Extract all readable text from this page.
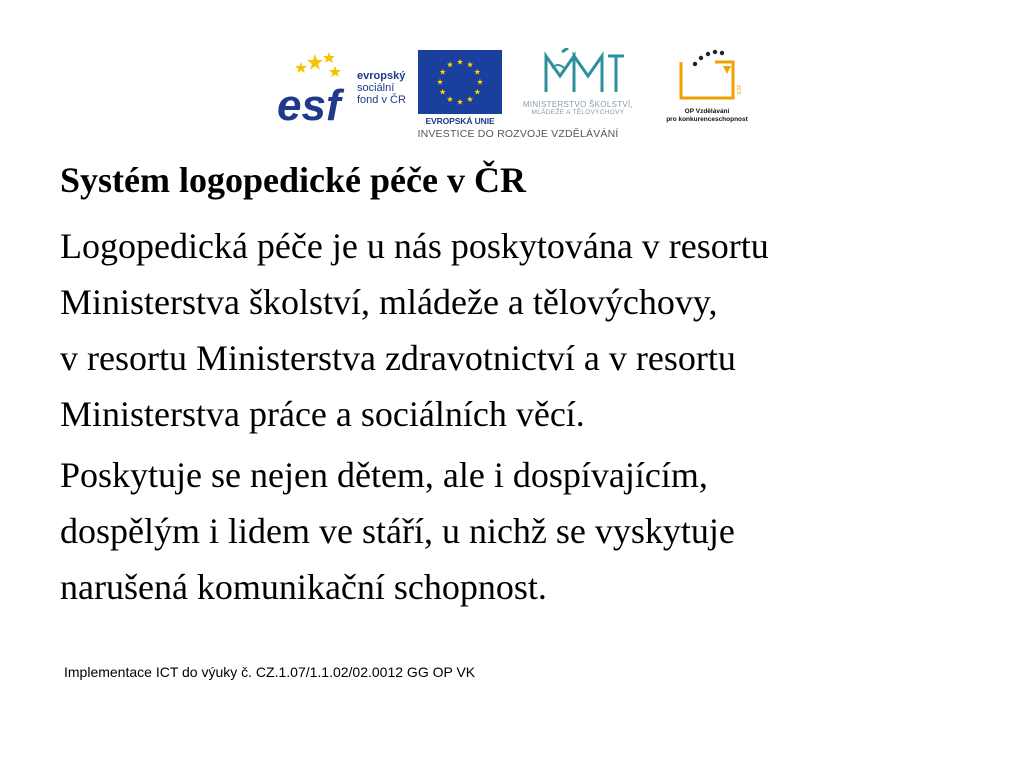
esf
evropský
sociální
fond v ČR
EVROPSKÁ UNIE
MINISTERSTVO ŠKOLSTVÍ,
MLÁDEŽE A TĚLOVÝCHOVY
ESF
OP Vzdělávání
pro konkurenceschopnost
INVESTICE DO ROZVOJE VZDĚLÁVÁNÍ
Systém logopedické péče v ČR

Logopedická péče je u nás poskytována v resortu
Ministerstva školství, mládeže a tělovýchovy,
v resortu Ministerstva zdravotnictví a v resortu
Ministerstva práce a sociálních věcí.

Poskytuje se nejen dětem, ale i dospívajícím,
dospělým i lidem ve stáří, u nichž se vyskytuje
narušená komunikační schopnost.

Implementace ICT do výuky č. CZ.1.07/1.1.02/02.0012 GG OP VK
